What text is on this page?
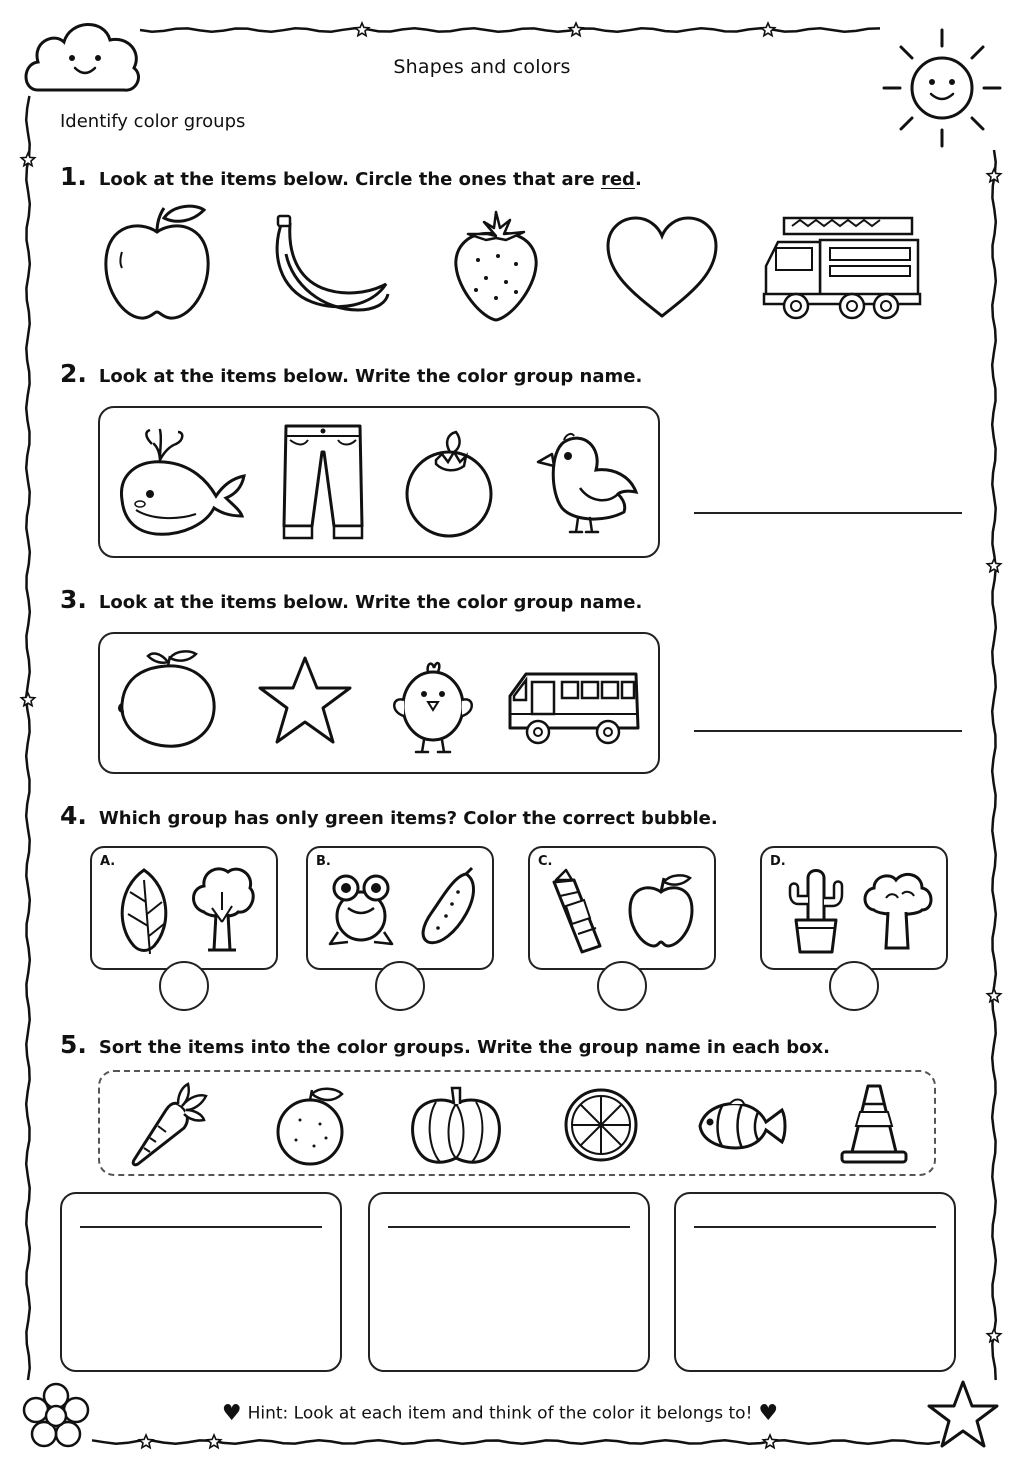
Shapes and colors
Identify color groups
1. Look at the items below. Circle the ones that are red.
2. Look at the items below. Write the color group name.
3. Look at the items below. Write the color group name.
4. Which group has only green items? Color the correct bubble.
A.	B.	C.	D.
5. Sort the items into the color groups. Write the group name in each box.
♥ Hint: Look at each item and think of the color it belongs to! ♥
